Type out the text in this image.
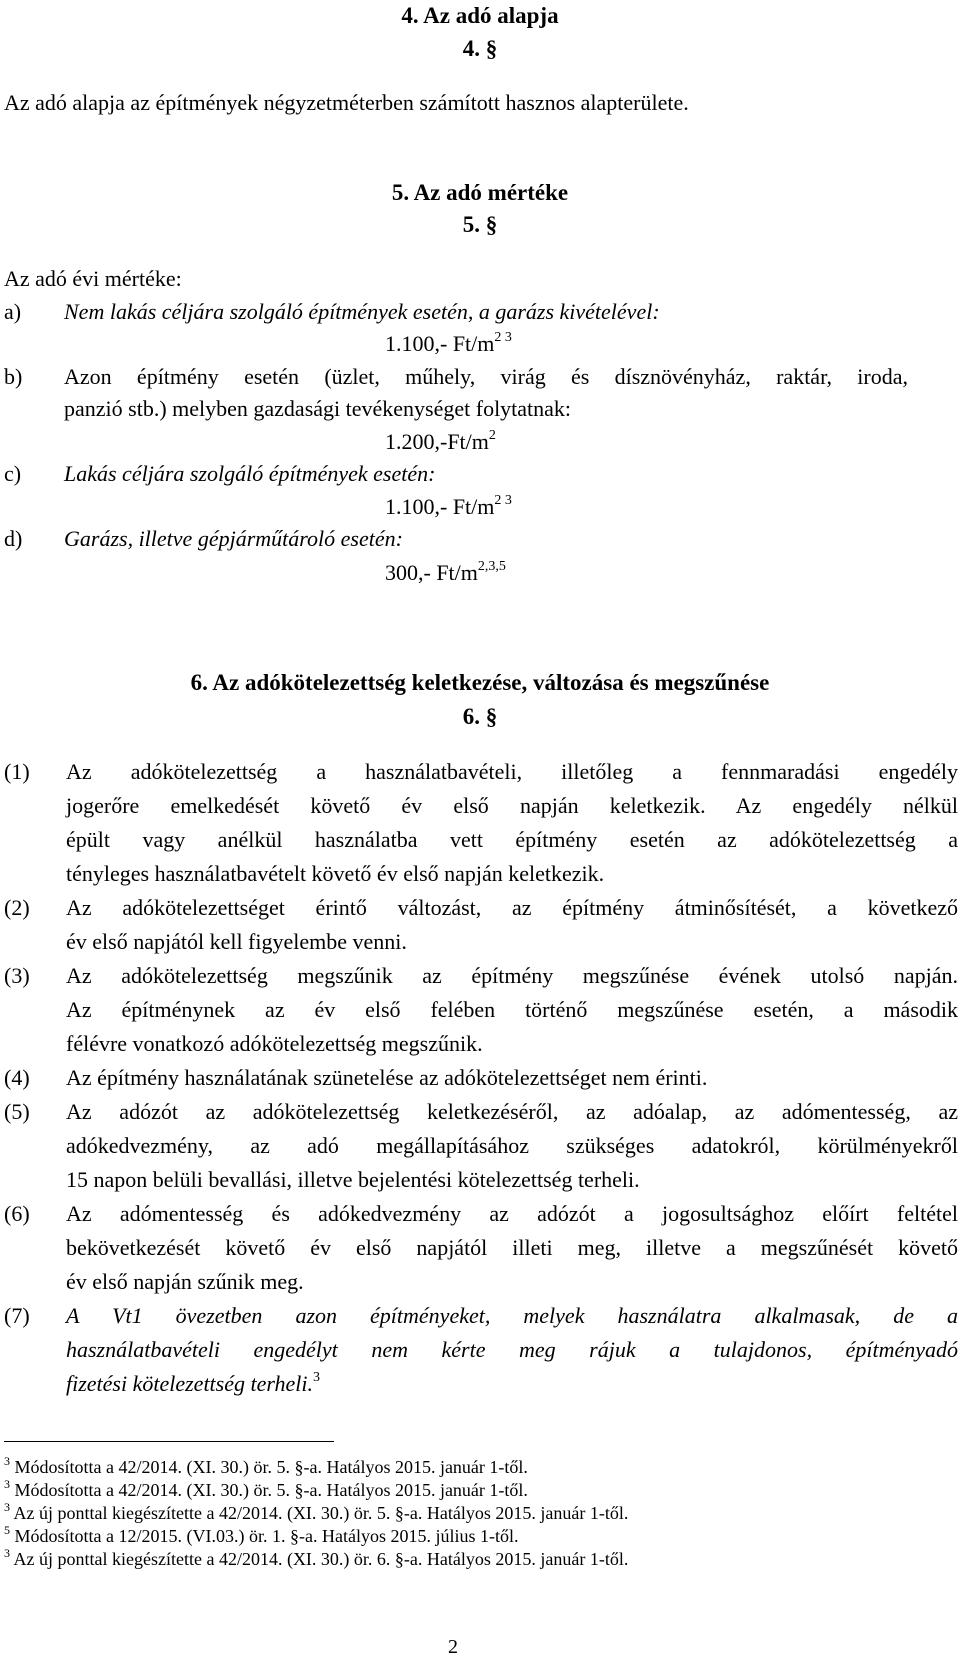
4. Az adó alapja
4. §
Az adó alapja az építmények négyzetméterben számított hasznos alapterülete.
5. Az adó mértéke
5. §
Az adó évi mértéke:
a) Nem lakás céljára szolgáló építmények esetén, a garázs kivételével:
1.100,- $Ft/m^{2 3}$
b) Azon építmény esetén (üzlet, műhely, virág és dísznövényház, raktár, iroda,
panzió stb.) melyben gazdasági tevékenységet folytatnak:
$1.200,-Ft/m^2$
c) Lakás céljára szolgáló építmények esetén:
1.100,- $Ft/m^{2 3}$
d) Garázs, illetve gépjárműtároló esetén:
300,- $Ft/m^{2,3,5}$
6. Az adókötelezettség keletkezése, változása és megszűnése
6. §
(1) Az adókötelezettség a használatbavételi, illetőleg a fennmaradási engedély
jogerőre emelkedését követő év első napján keletkezik. Az engedély nélkül
épült vagy anélkül használatba vett építmény esetén az adókötelezettség a
tényleges használatbavételt követő év első napján keletkezik.
(2) Az adókötelezettséget érintő változást, az építmény átminősítését, a következő
év első napjától kell figyelembe venni.
(3) Az adókötelezettség megszűnik az építmény megszűnése évének utolsó napján.
Az építménynek az év első felében történő megszűnése esetén, a második
félévre vonatkozó adókötelezettség megszűnik.
(4) Az építmény használatának szünetelése az adókötelezettséget nem érinti.
(5) Az adózót az adókötelezettség keletkezéséről, az adóalap, az adómentesség, az
adókedvezmény, az adó megállapításához szükséges adatokról, körülményekről
15 napon belüli bevallási, illetve bejelentési kötelezettség terheli.
(6) Az adómentesség és adókedvezmény az adózót a jogosultsághoz előírt feltétel
bekövetkezését követő év első napjától illeti meg, illetve a megszűnését követő
év első napján szűnik meg.
(7) A Vt1 övezetben azon építményeket, melyek használatra alkalmasak, de a
használatbavételi engedélyt nem kérte meg rájuk a tulajdonos, építményadó
fizetési kötelezettség terheli.$^3$
$^3$ Módosította a 42/2014. (XI. 30.) ör. 5. §-a. Hatályos 2015. január 1-től.
$^3$ Módosította a 42/2014. (XI. 30.) ör. 5. §-a. Hatályos 2015. január 1-től.
$^3$ Az új ponttal kiegészítette a 42/2014. (XI. 30.) ör. 5. §-a. Hatályos 2015. január 1-től.
$^5$ Módosította a 12/2015. (VI.03.) ör. 1. §-a. Hatályos 2015. július 1-től.
$^3$ Az új ponttal kiegészítette a 42/2014. (XI. 30.) ör. 6. §-a. Hatályos 2015. január 1-től.
2
